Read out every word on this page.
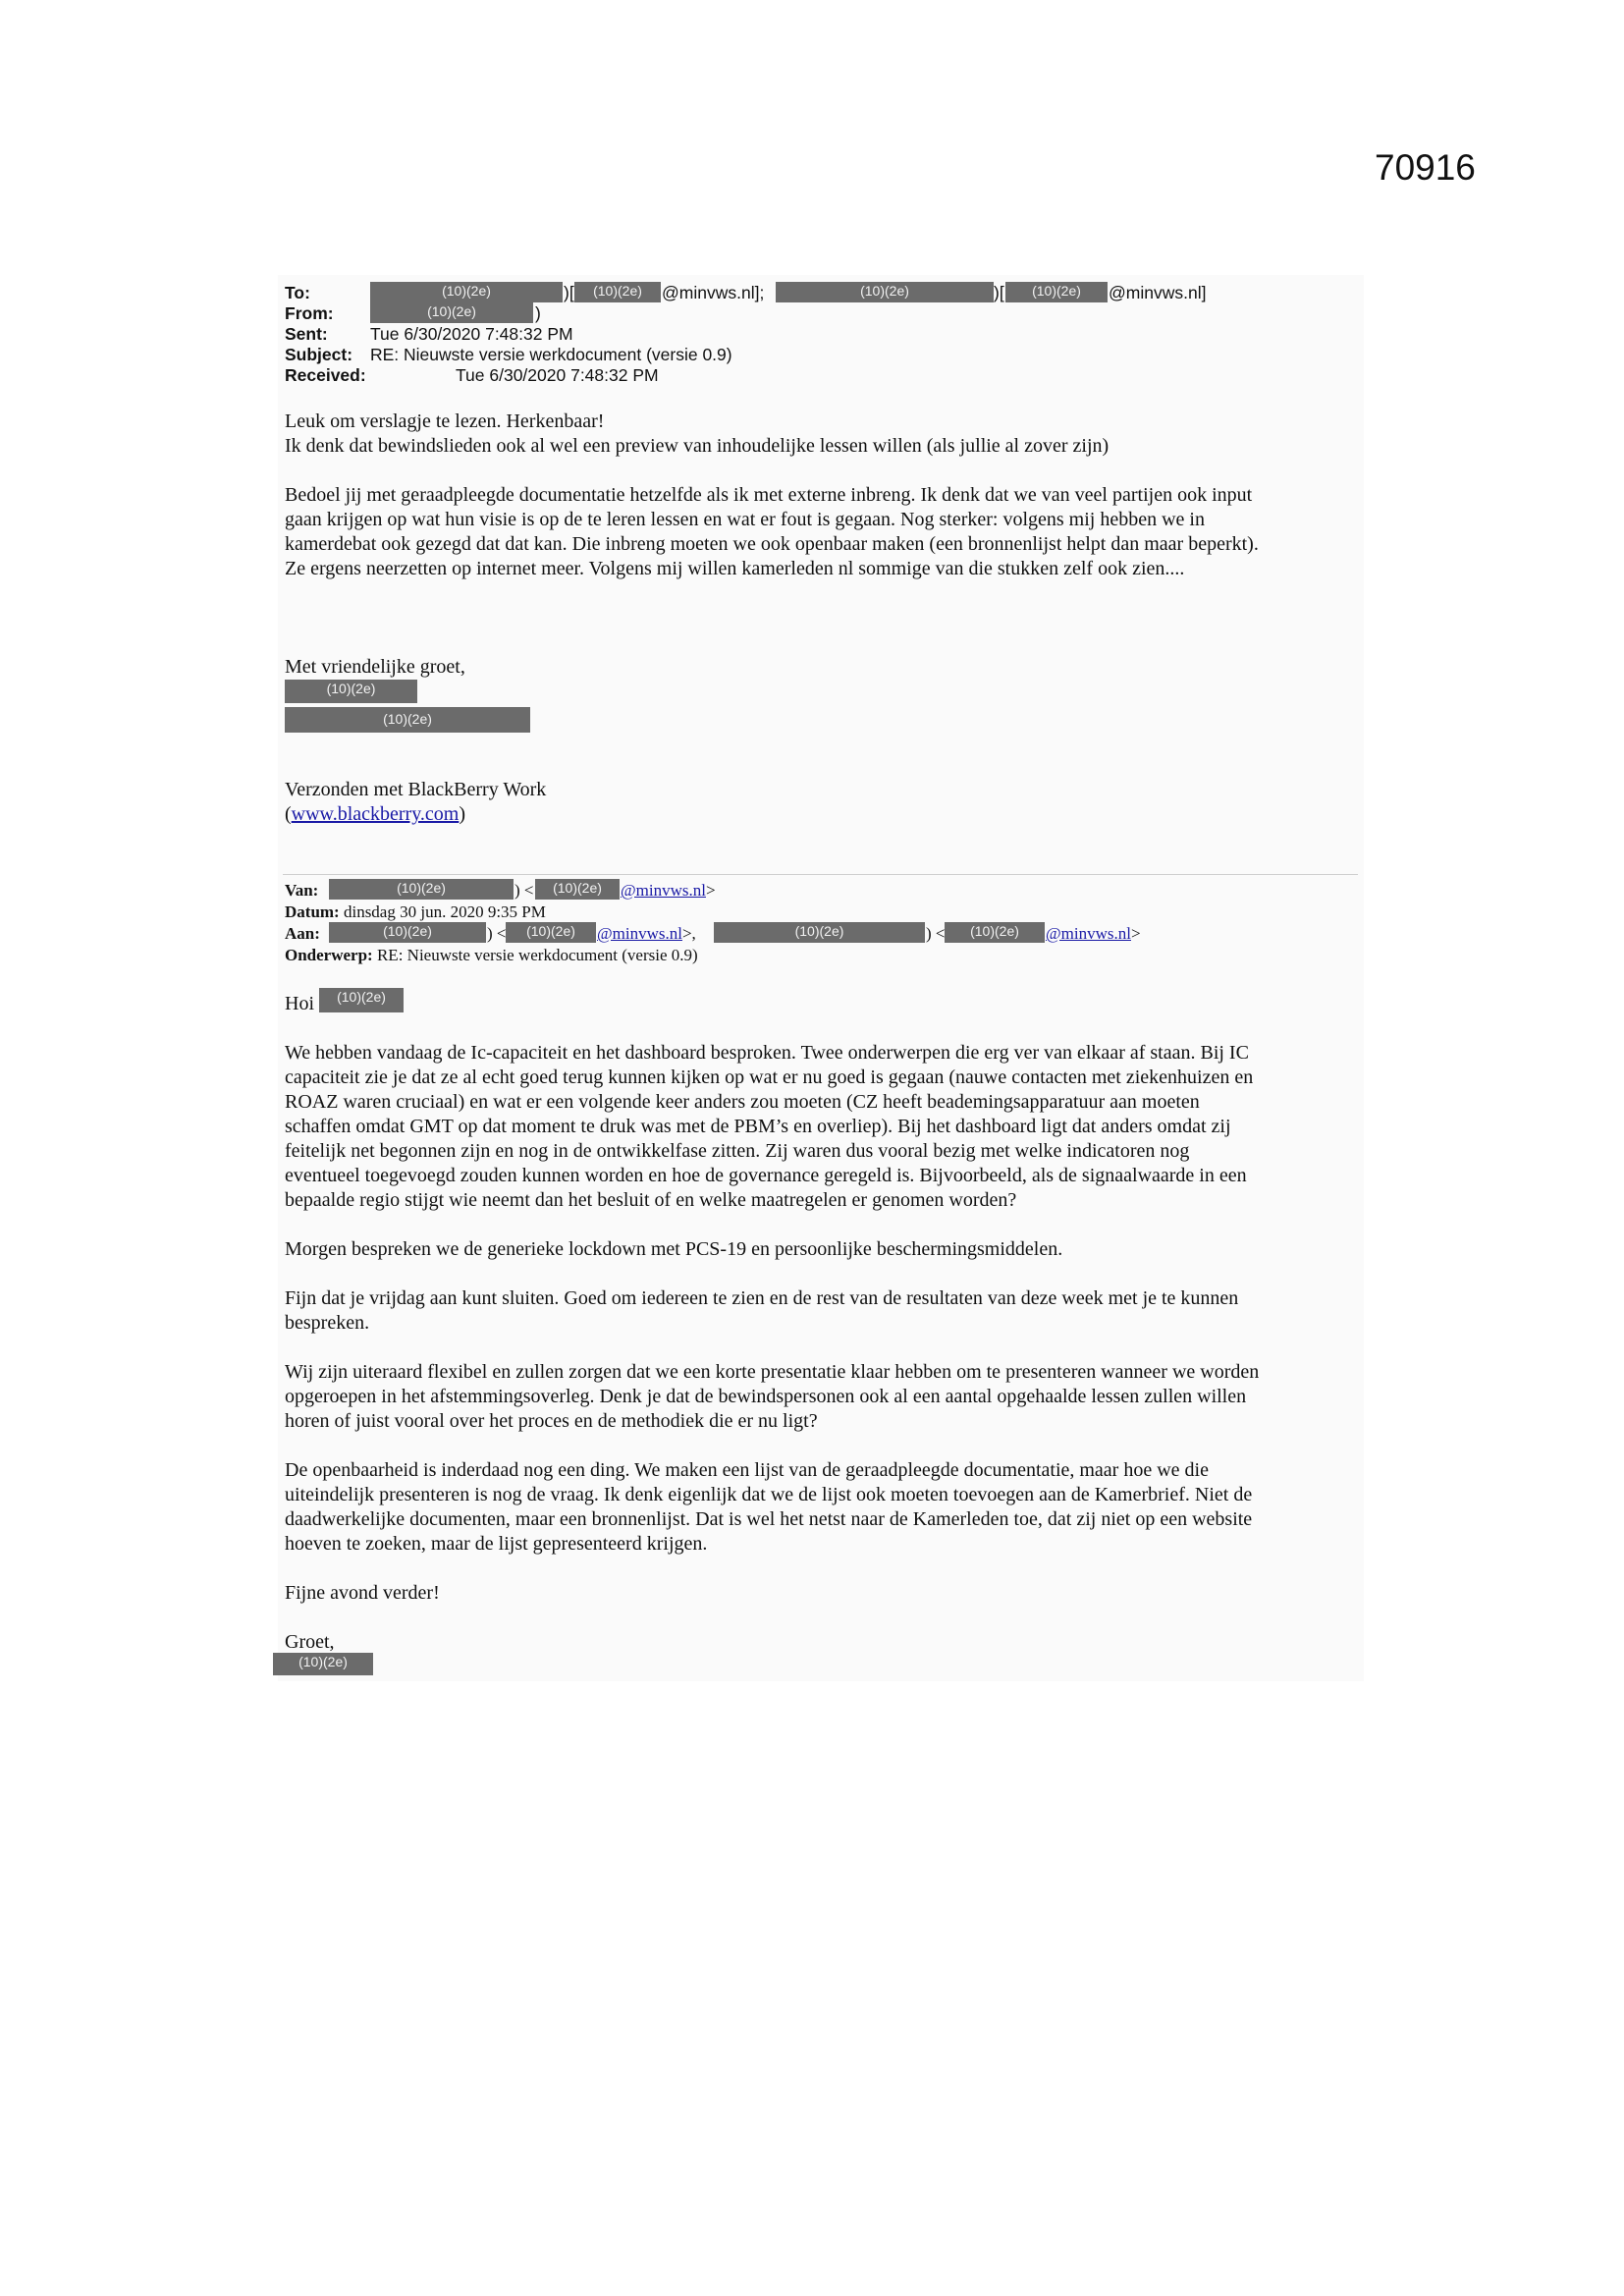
70916
To:	(10)(2e)	)[	(10)(2e)	@minvws.nl];	(10)(2e)	)[	(10)(2e)	@minvws.nl]
From:	(10)(2e)	)
Sent: Tue 6/30/2020 7:48:32 PM
Subject: RE: Nieuwste versie werkdocument (versie 0.9)
Received:	Tue 6/30/2020 7:48:32 PM
Leuk om verslagje te lezen. Herkenbaar!
Ik denk dat bewindslieden ook al wel een preview van inhoudelijke lessen willen (als jullie al zover zijn)
Bedoel jij met geraadpleegde documentatie hetzelfde als ik met externe inbreng. Ik denk dat we van veel partijen ook input
gaan krijgen op wat hun visie is op de te leren lessen en wat er fout is gegaan. Nog sterker: volgens mij hebben we in
kamerdebat ook gezegd dat dat kan. Die inbreng moeten we ook openbaar maken (een bronnenlijst helpt dan maar beperkt).
Ze ergens neerzetten op internet meer. Volgens mij willen kamerleden nl sommige van die stukken zelf ook zien....
Met vriendelijke groet,
(10)(2e)
(10)(2e)
Verzonden met BlackBerry Work
(www.blackberry.com)
Van:	(10)(2e)	) <	(10)(2e)	@minvws.nl>
Datum: dinsdag 30 jun. 2020 9:35 PM
Aan:	(10)(2e)	) <	(10)(2e)	@minvws.nl>,	(10)(2e)	) <	(10)(2e)	@minvws.nl>
Onderwerp: RE: Nieuwste versie werkdocument (versie 0.9)
Hoi	(10)(2e)
We hebben vandaag de Ic-capaciteit en het dashboard besproken. Twee onderwerpen die erg ver van elkaar af staan. Bij IC
capaciteit zie je dat ze al echt goed terug kunnen kijken op wat er nu goed is gegaan (nauwe contacten met ziekenhuizen en
ROAZ waren cruciaal) en wat er een volgende keer anders zou moeten (CZ heeft beademingsapparatuur aan moeten
schaffen omdat GMT op dat moment te druk was met de PBM’s en overliep). Bij het dashboard ligt dat anders omdat zij
feitelijk net begonnen zijn en nog in de ontwikkelfase zitten. Zij waren dus vooral bezig met welke indicatoren nog
eventueel toegevoegd zouden kunnen worden en hoe de governance geregeld is. Bijvoorbeeld, als de signaalwaarde in een
bepaalde regio stijgt wie neemt dan het besluit of en welke maatregelen er genomen worden?
Morgen bespreken we de generieke lockdown met PCS-19 en persoonlijke beschermingsmiddelen.
Fijn dat je vrijdag aan kunt sluiten. Goed om iedereen te zien en de rest van de resultaten van deze week met je te kunnen
bespreken.
Wij zijn uiteraard flexibel en zullen zorgen dat we een korte presentatie klaar hebben om te presenteren wanneer we worden
opgeroepen in het afstemmingsoverleg. Denk je dat de bewindspersonen ook al een aantal opgehaalde lessen zullen willen
horen of juist vooral over het proces en de methodiek die er nu ligt?
De openbaarheid is inderdaad nog een ding. We maken een lijst van de geraadpleegde documentatie, maar hoe we die
uiteindelijk presenteren is nog de vraag. Ik denk eigenlijk dat we de lijst ook moeten toevoegen aan de Kamerbrief. Niet de
daadwerkelijke documenten, maar een bronnenlijst. Dat is wel het netst naar de Kamerleden toe, dat zij niet op een website
hoeven te zoeken, maar de lijst gepresenteerd krijgen.
Fijne avond verder!
Groet,
(10)(2e)
